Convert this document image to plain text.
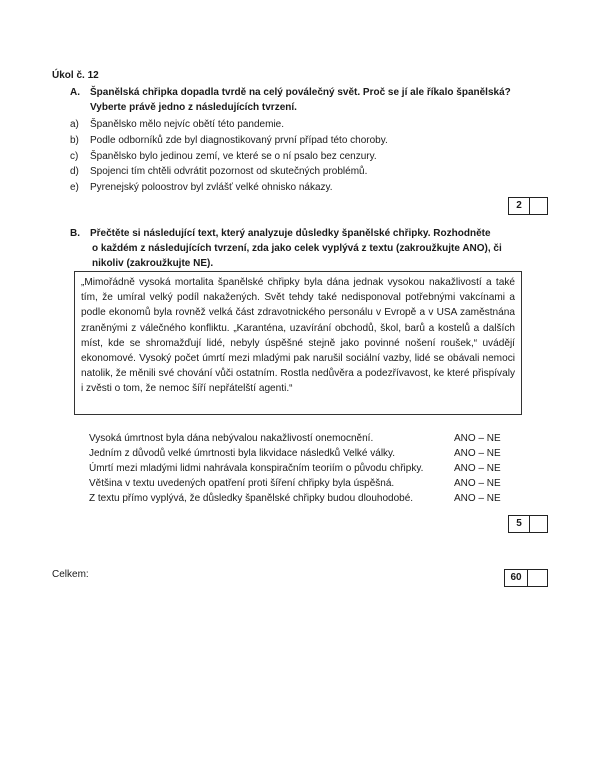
Úkol č. 12
A. Španělská chřipka dopadla tvrdě na celý poválečný svět. Proč se jí ale říkalo španělská?
Vyberte právě jedno z následujících tvrzení.
a)	Španělsko mělo nejvíc obětí této pandemie.
b)	Podle odborníků zde byl diagnostikovaný první případ této choroby.
c)	Španělsko bylo jedinou zemí, ve které se o ní psalo bez cenzury.
d)	Spojenci tím chtěli odvrátit pozornost od skutečných problémů.
e)	Pyrenejský poloostrov byl zvlášť velké ohnisko nákazy.
2
B. Přečtěte si následující text, který analyzuje důsledky španělské chřipky. Rozhodněte
o každém z následujících tvrzení, zda jako celek vyplývá z textu (zakroužkujte ANO), či
nikoliv (zakroužkujte NE).
„Mimořádně vysoká mortalita španělské chřipky byla dána jednak vysokou nakažlivostí a také tím, že umíral velký podíl nakažených. Svět tehdy také nedisponoval potřebnými vakcínami a podle ekonomů byla rovněž velká část zdravotnického personálu v Evropě a v USA zaměstnána zraněnými z válečného konfliktu. „Karanténa, uzavírání obchodů, škol, barů a kostelů a dalších míst, kde se shromažďují lidé, nebyly úspěšné stejně jako povinné nošení roušek,“ uvádějí ekonomové. Vysoký počet úmrtí mezi mladými pak narušil sociální vazby, lidé se obávali nemoci natolik, že měnili své chování vůči ostatním. Rostla nedůvěra a podezřívavost, ke které přispívaly i zvěsti o tom, že nemoc šíří nepřátelští agenti.“
Vysoká úmrtnost byla dána nebývalou nakažlivostí onemocnění.	ANO – NE
Jedním z důvodů velké úmrtnosti byla likvidace následků Velké války.	ANO – NE
Úmrtí mezi mladými lidmi nahrávala konspiračním teoriím o původu chřipky.	ANO – NE
Většina v textu uvedených opatření proti šíření chřipky byla úspěšná.	ANO – NE
Z textu přímo vyplývá, že důsledky španělské chřipky budou dlouhodobé.	ANO – NE
5
Celkem:	60
